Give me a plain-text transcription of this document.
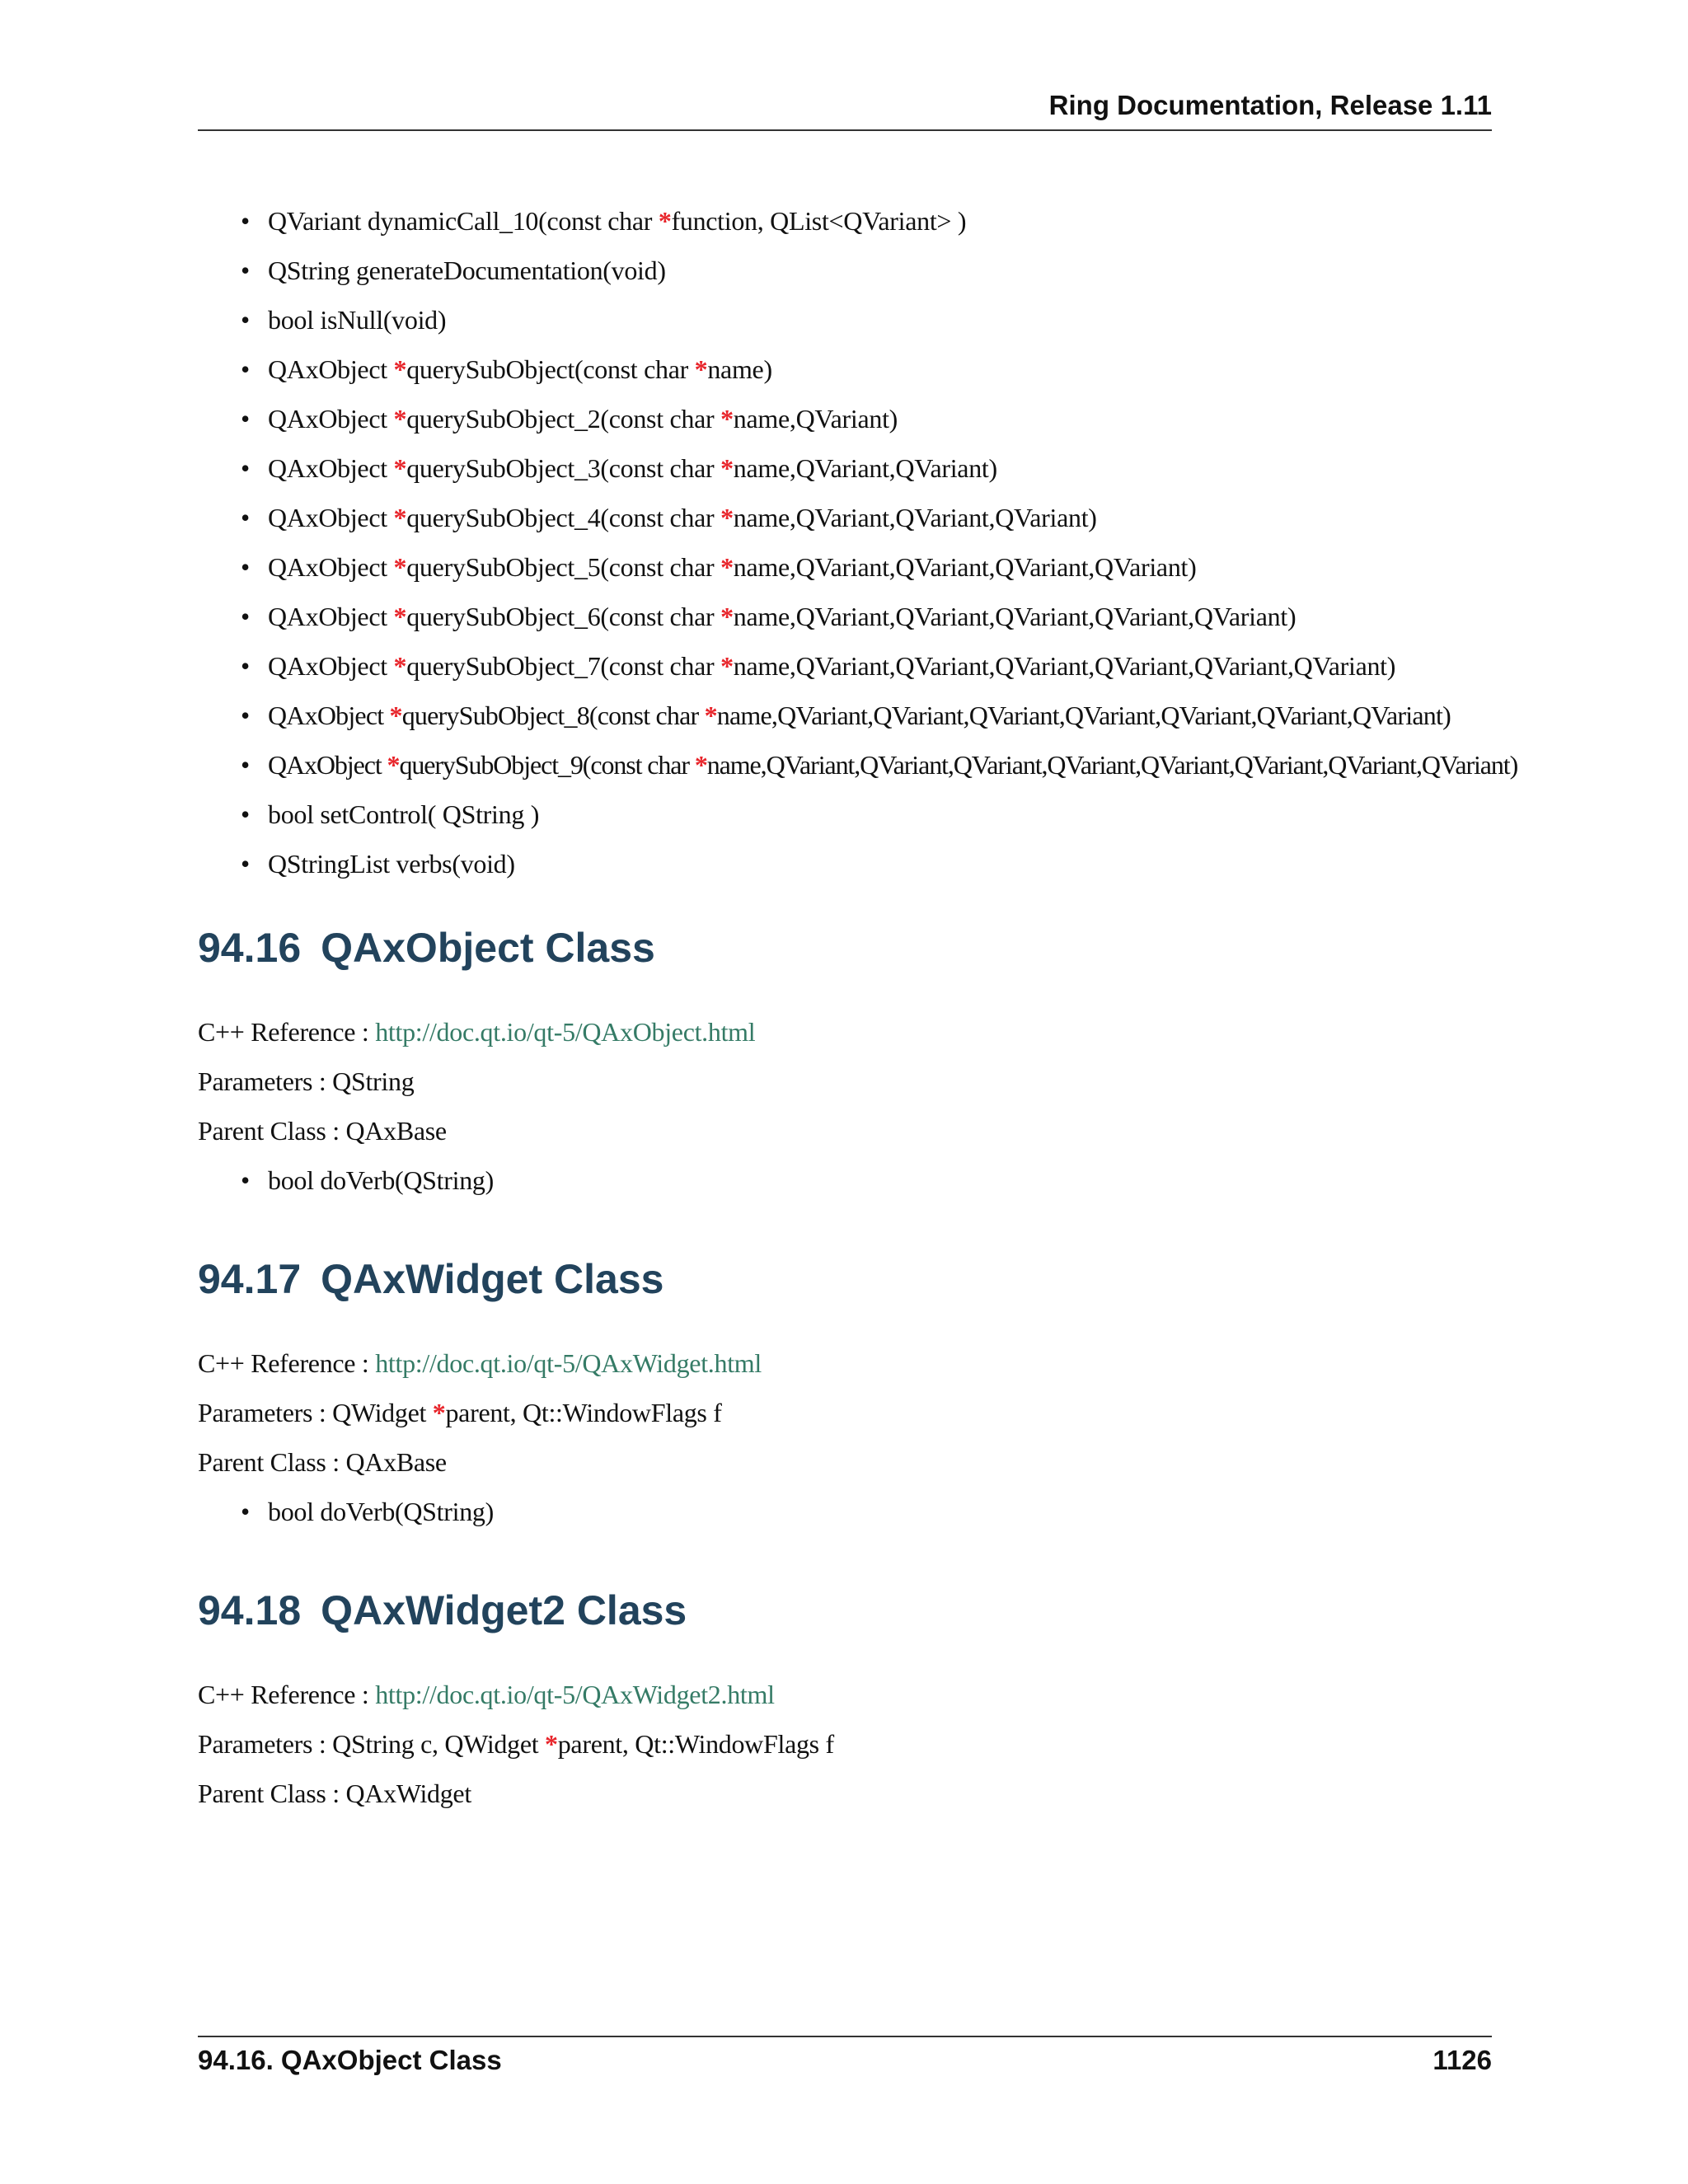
Ring Documentation, Release 1.11
• QVariant dynamicCall_10(const char *function, QList<QVariant> )
• QString generateDocumentation(void)
• bool isNull(void)
• QAxObject *querySubObject(const char *name)
• QAxObject *querySubObject_2(const char *name,QVariant)
• QAxObject *querySubObject_3(const char *name,QVariant,QVariant)
• QAxObject *querySubObject_4(const char *name,QVariant,QVariant,QVariant)
• QAxObject *querySubObject_5(const char *name,QVariant,QVariant,QVariant,QVariant)
• QAxObject *querySubObject_6(const char *name,QVariant,QVariant,QVariant,QVariant,QVariant)
• QAxObject *querySubObject_7(const char *name,QVariant,QVariant,QVariant,QVariant,QVariant,QVariant)
• QAxObject *querySubObject_8(const char *name,QVariant,QVariant,QVariant,QVariant,QVariant,QVariant,QVariant)
• QAxObject *querySubObject_9(const char *name,QVariant,QVariant,QVariant,QVariant,QVariant,QVariant,QVariant,QVariant)
• bool setControl( QString )
• QStringList verbs(void)
94.16 QAxObject Class
C++ Reference : http://doc.qt.io/qt-5/QAxObject.html
Parameters : QString
Parent Class : QAxBase
• bool doVerb(QString)
94.17 QAxWidget Class
C++ Reference : http://doc.qt.io/qt-5/QAxWidget.html
Parameters : QWidget *parent, Qt::WindowFlags f
Parent Class : QAxBase
• bool doVerb(QString)
94.18 QAxWidget2 Class
C++ Reference : http://doc.qt.io/qt-5/QAxWidget2.html
Parameters : QString c, QWidget *parent, Qt::WindowFlags f
Parent Class : QAxWidget
94.16. QAxObject Class	1126
